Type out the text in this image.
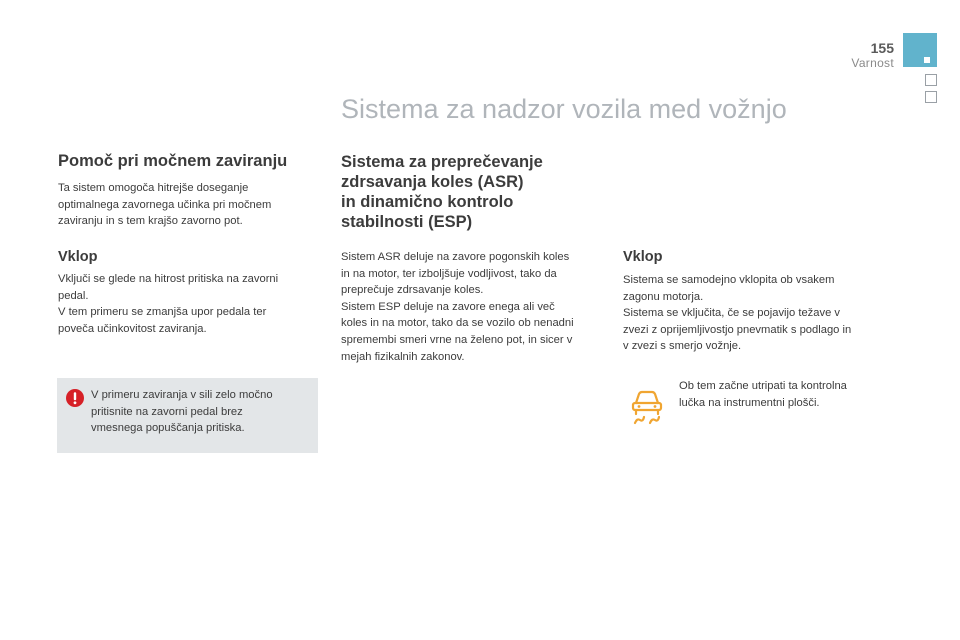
155
Varnost
Sistema za nadzor vozila med vožnjo
Pomoč pri močnem zaviranju

Ta sistem omogoča hitrejše doseganje
optimalnega zavornega učinka pri močnem
zaviranju in s tem krajšo zavorno pot.

Vklop

Vključi se glede na hitrost pritiska na zavorni
pedal.
V tem primeru se zmanjša upor pedala ter
poveča učinkovitost zaviranja.

V primeru zaviranja v sili zelo močno
pritisnite na zavorni pedal brez
vmesnega popuščanja pritiska.

Sistema za preprečevanje
zdrsavanja koles (ASR)
in dinamično kontrolo
stabilnosti (ESP)

Sistem ASR deluje na zavore pogonskih koles
in na motor, ter izboljšuje vodljivost, tako da
preprečuje zdrsavanje koles.
Sistem ESP deluje na zavore enega ali več
koles in na motor, tako da se vozilo ob nenadni
spremembi smeri vrne na želeno pot, in sicer v
mejah fizikalnih zakonov.

Vklop

Sistema se samodejno vklopita ob vsakem
zagonu motorja.
Sistema se vključita, če se pojavijo težave v
zvezi z oprijemljivostjo pnevmatik s podlago in
v zvezi s smerjo vožnje.

Ob tem začne utripati ta kontrolna
lučka na instrumentni plošči.
